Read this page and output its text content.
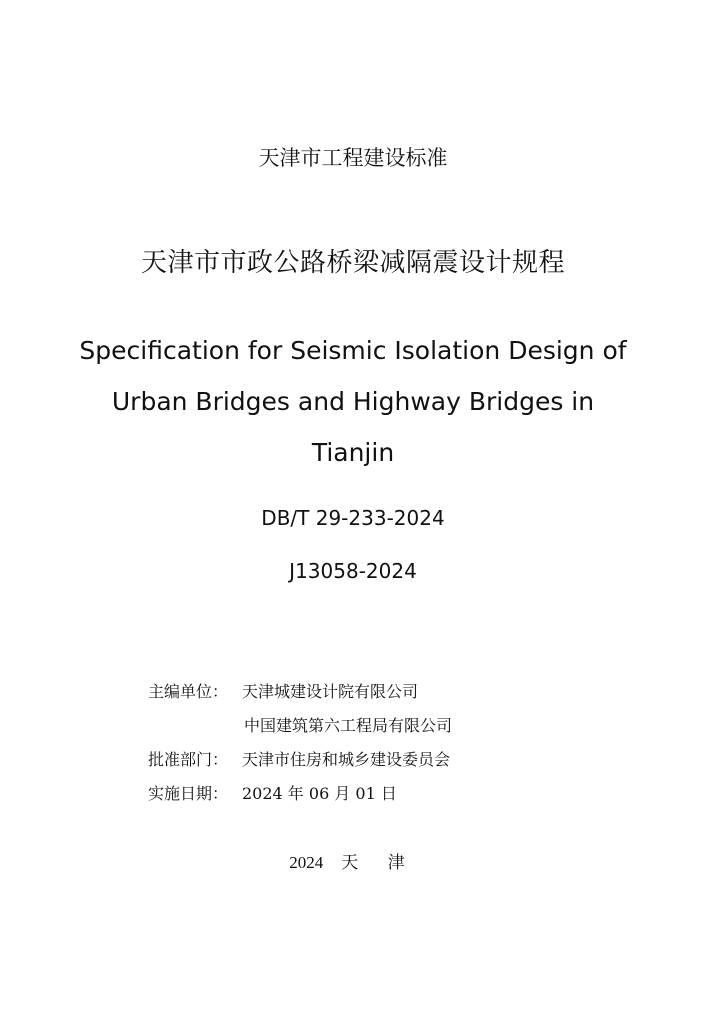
天津市工程建设标准
天津市市政公路桥梁减隔震设计规程
Specification for Seismic Isolation Design of
Urban Bridges and Highway Bridges in
Tianjin
DB/T 29-233-2024
J13058-2024
主编单位： 天津城建设计院有限公司
中国建筑第六工程局有限公司
批准部门： 天津市住房和城乡建设委员会
实施日期： 2024 年 06 月 01 日
2024 天 津
